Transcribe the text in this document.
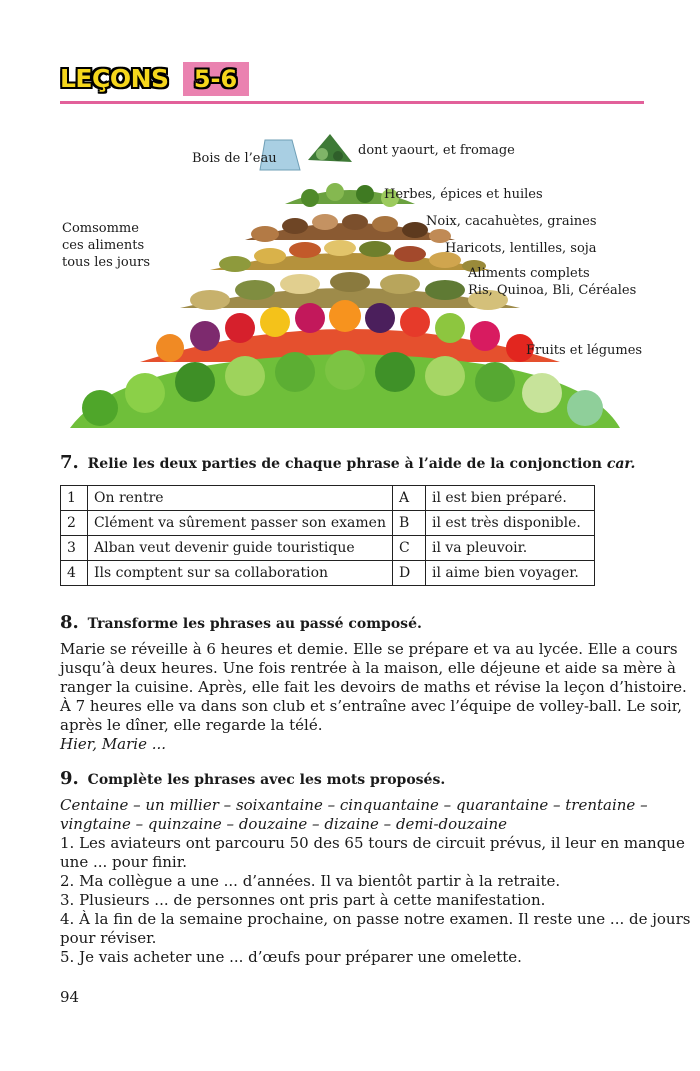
LEÇONS	5-6
Bois de l’eau
dont yaourt, et fromage
Herbes, épices et huiles
Noix, cacahuètes, graines
Haricots, lentilles, soja
Aliments complets
Ris, Quinoa, Bli, Céréales
Fruits et légumes
Comsomme
ces aliments
tous les jours
7. Relie les deux parties de chaque phrase à l’aide de la conjonction car.
1	On rentre	A	il est bien préparé.
2	Clément va sûrement passer son examen	B	il est très disponible.
3	Alban veut devenir guide touristique	C	il va pleuvoir.
4	Ils comptent sur sa collaboration	D	il aime bien voyager.
8. Transforme les phrases au passé composé.
Marie se réveille à 6 heures et demie. Elle se prépare et va au lycée. Elle a cours
jusqu’à deux heures. Une fois rentrée à la maison, elle déjeune et aide sa mère à
ranger la cuisine. Après, elle fait les devoirs de maths et révise la leçon d’histoire.
À 7 heures elle va dans son club et s’entraîne avec l’équipe de volley-ball. Le soir,
après le dîner, elle regarde la télé.
Hier, Marie ...
9. Complète les phrases avec les mots proposés.
Centaine – un millier – soixantaine – cinquantaine – quarantaine – trentaine –
vingtaine – quinzaine – douzaine – dizaine – demi-douzaine
1. Les aviateurs ont parcouru 50 des 65 tours de circuit prévus, il leur en manque
une ... pour finir.
2. Ma collègue a une ... d’années. Il va bientôt partir à la retraite.
3. Plusieurs ... de personnes ont pris part à cette manifestation.
4. À la fin de la semaine prochaine, on passe notre examen. Il reste une ... de jours
pour réviser.
5. Je vais acheter une ... d’œufs pour préparer une omelette.
94
